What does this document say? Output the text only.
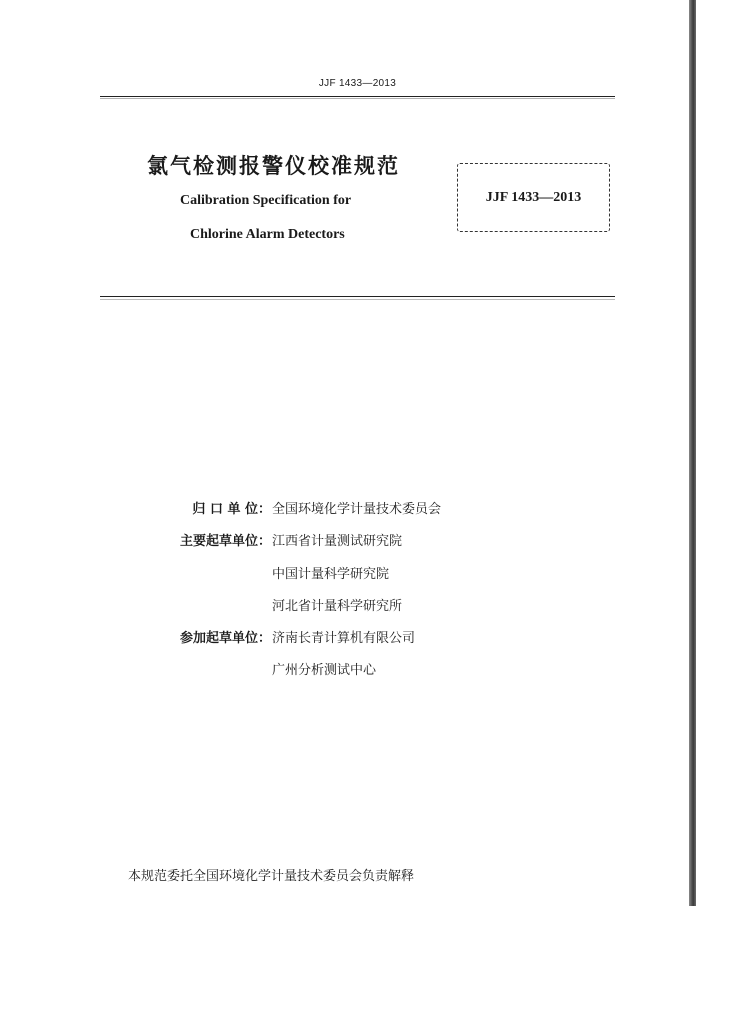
JJF 1433—2013
氯气检测报警仪校准规范
Calibration Specification for
Chlorine Alarm Detectors
JJF 1433—2013
归 口 单 位： 全国环境化学计量技术委员会
主要起草单位： 江西省计量测试研究院
中国计量科学研究院
河北省计量科学研究所
参加起草单位： 济南长青计算机有限公司
广州分析测试中心
本规范委托全国环境化学计量技术委员会负责解释
